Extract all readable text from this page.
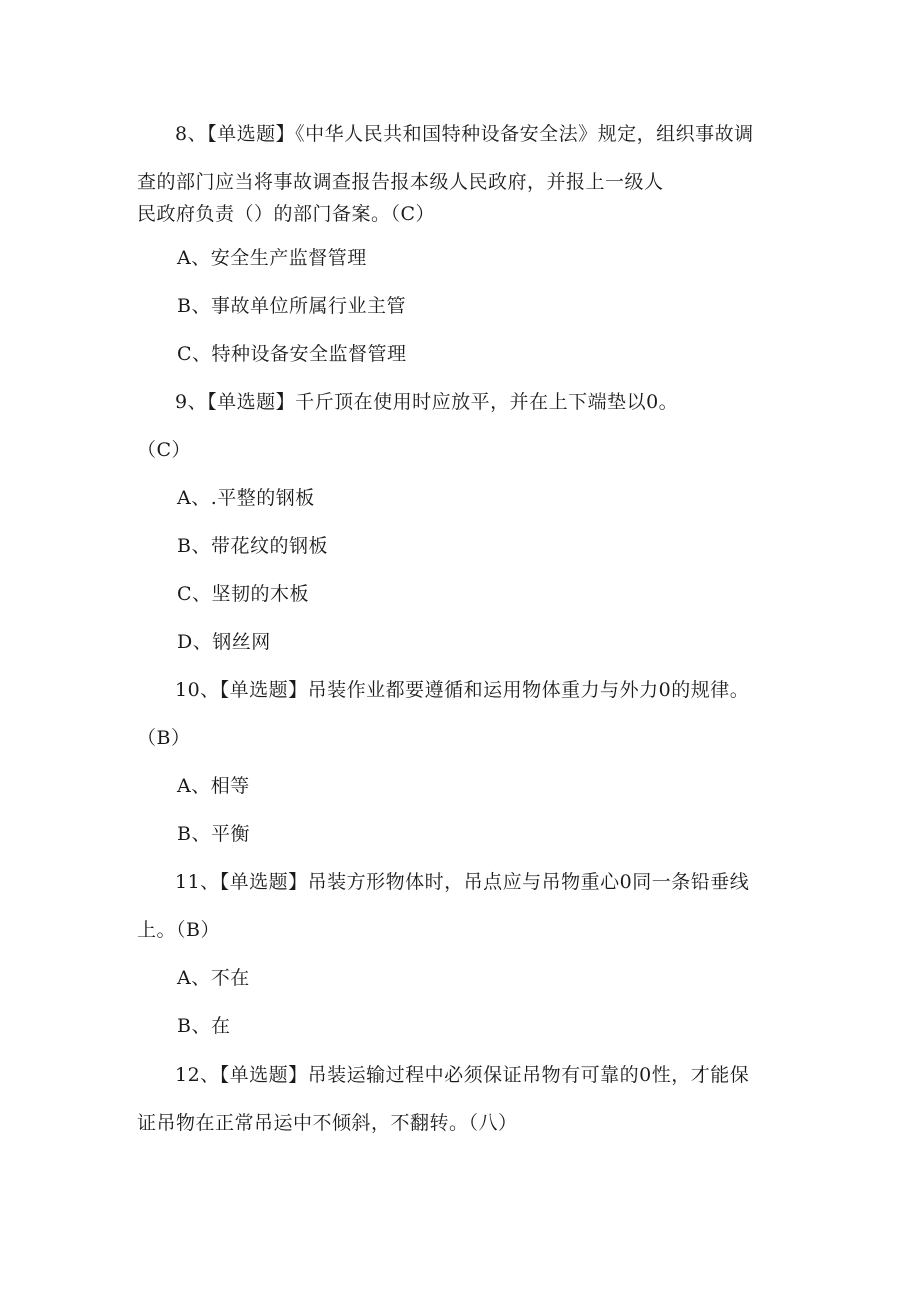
8、【单选题】《中华人民共和国特种设备安全法》规定，组织事故调
查的部门应当将事故调查报告报本级人民政府，并报上一级人
民政府负责（）的部门备案。（C）
A、安全生产监督管理
B、事故单位所属行业主管
C、特种设备安全监督管理
9、【单选题】千斤顶在使用时应放平，并在上下端垫以0。
（C）
A、.平整的钢板
B、带花纹的钢板
C、坚韧的木板
D、钢丝网
10、【单选题】吊装作业都要遵循和运用物体重力与外力0的规律。
（B）
A、相等
B、平衡
11、【单选题】吊装方形物体时，吊点应与吊物重心0同一条铅垂线
上。（B）
A、不在
B、在
12、【单选题】吊装运输过程中必须保证吊物有可靠的0性，才能保
证吊物在正常吊运中不倾斜，不翻转。（八）
